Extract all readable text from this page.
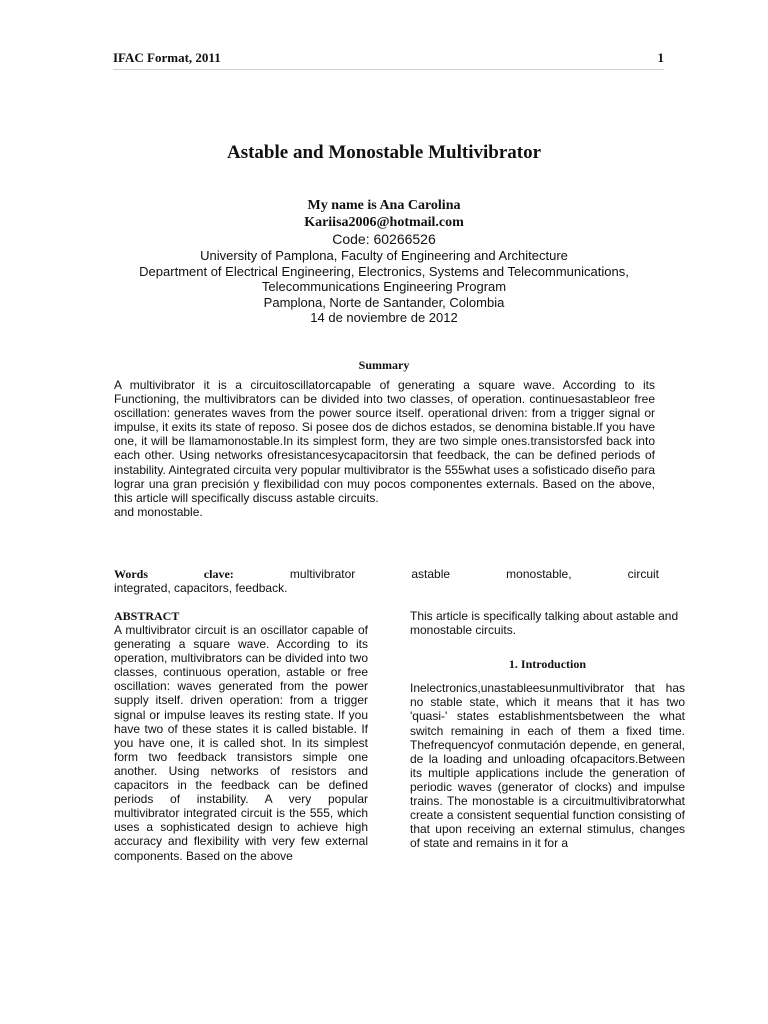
IFAC Format, 2011	1
Astable and Monostable Multivibrator
My name is Ana Carolina
Kariisa2006@hotmail.com
Code: 60266526
University of Pamplona, Faculty of Engineering and Architecture
Department of Electrical Engineering, Electronics, Systems and Telecommunications,
Telecommunications Engineering Program
Pamplona, Norte de Santander, Colombia
14 de noviembre de 2012
Summary

A multivibrator it is a circuitoscillatorcapable of generating a square wave. According to its Functioning, the multivibrators can be divided into two classes, of operation. continuesastableor free oscillation: generates waves from the power source itself. operational driven: from a trigger signal or impulse, it exits its state of reposo. Si posee dos de dichos estados, se denomina bistable.If you have one, it will be llamamonostable.In its simplest form, they are two simple ones.transistorsfed back into each other. Using networks ofresistancesycapacitorsin that feedback, the can be defined periods of instability. Aintegrated circuita very popular multivibrator is the 555what uses a sofisticado diseño para lograr una gran precisión y flexibilidad con muy pocos componentes externals. Based on the above, this article will specifically discuss astable circuits.

and monostable.

Words clave:	multivibrator astable monostable, circuit
integrated, capacitors, feedback.
ABSTRACT

A multivibrator circuit is an oscillator capable of generating a square wave. According to its operation, multivibrators can be divided into two classes, continuous operation, astable or free oscillation: waves generated from the power supply itself. driven operation: from a trigger signal or impulse leaves its resting state. If you have two of these states it is called bistable. If you have one, it is called shot. In its simplest form two feedback transistors simple one another. Using networks of resistors and capacitors in the feedback can be defined periods of instability. A very popular multivibrator integrated circuit is the 555, which uses a sophisticated design to achieve high accuracy and flexibility with very few external components. Based on the above

This article is specifically talking about astable and monostable circuits.

1. Introduction

Inelectronics,unastableesunmultivibrator that has no stable state, which it means that it has two 'quasi-' states establishmentsbetween the what switch remaining in each of them a fixed time. Thefrequencyof conmutación depende, en general, de la loading and unloading ofcapacitors.Between its multiple applications include the generation of periodic waves (generator of clocks) and impulse trains. The monostable is a circuitmultivibratorwhat create a consistent sequential function consisting of that upon receiving an external stimulus, changes of state and remains in it for a
